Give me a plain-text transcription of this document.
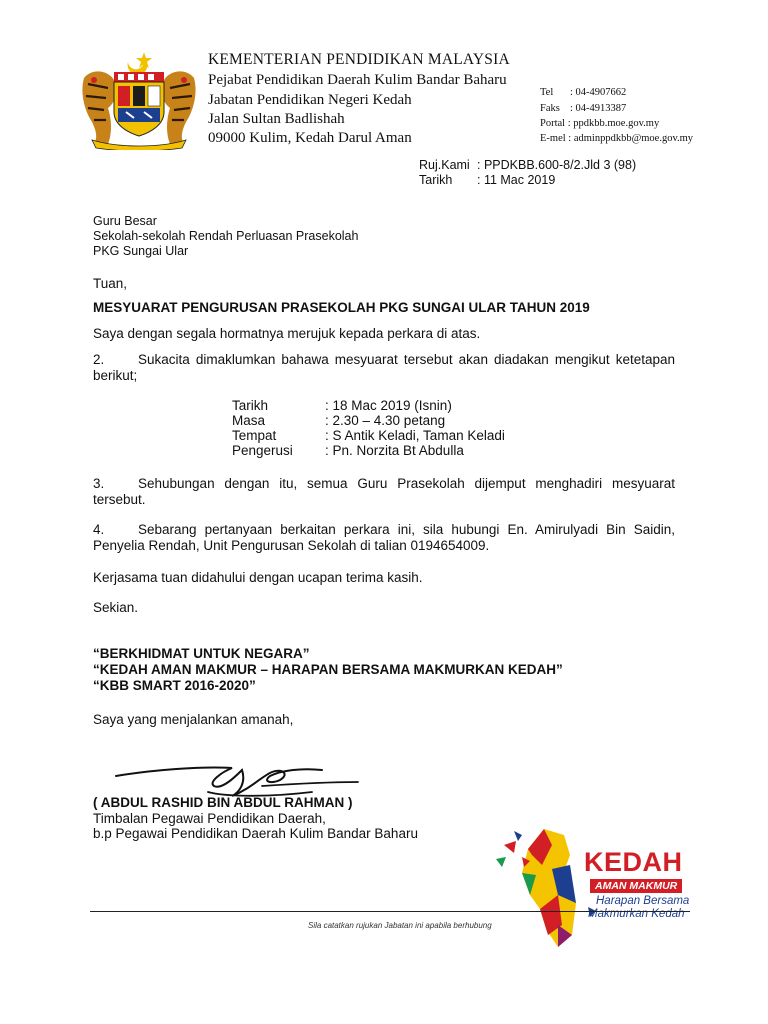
KEMENTERIAN PENDIDIKAN MALAYSIA
Pejabat Pendidikan Daerah Kulim Bandar Baharu
Jabatan Pendidikan Negeri Kedah
Jalan Sultan Badlishah
09000 Kulim, Kedah Darul Aman
Tel : 04-4907662
Faks : 04-4913387
Portal : ppdkbb.moe.gov.my
E-mel : adminppdkbb@moe.gov.my
Ruj.Kami : PPDKBB.600-8/2.Jld 3 (98)
Tarikh : 11 Mac 2019
Guru Besar
Sekolah-sekolah Rendah Perluasan Prasekolah
PKG Sungai Ular
Tuan,
MESYUARAT PENGURUSAN PRASEKOLAH PKG SUNGAI ULAR TAHUN 2019
Saya dengan segala hormatnya merujuk kepada perkara di atas.
2. Sukacita dimaklumkan bahawa mesyuarat tersebut akan diadakan mengikut ketetapan berikut;
Tarikh	: 18 Mac 2019 (Isnin)
Masa	: 2.30 – 4.30 petang
Tempat	: S Antik Keladi, Taman Keladi
Pengerusi : Pn. Norzita Bt Abdulla
3. Sehubungan dengan itu, semua Guru Prasekolah dijemput menghadiri mesyuarat tersebut.
4. Sebarang pertanyaan berkaitan perkara ini, sila hubungi En. Amirulyadi Bin Saidin, Penyelia Rendah, Unit Pengurusan Sekolah di talian 0194654009.
Kerjasama tuan didahului dengan ucapan terima kasih.
Sekian.
“BERKHIDMAT UNTUK NEGARA”
“KEDAH AMAN MAKMUR – HARAPAN BERSAMA MAKMURKAN KEDAH”
“KBB SMART 2016-2020”
Saya yang menjalankan amanah,
( ABDUL RASHID BIN ABDUL RAHMAN )
Timbalan Pegawai Pendidikan Daerah,
b.p Pegawai Pendidikan Daerah Kulim Bandar Baharu
KEDAH
AMAN MAKMUR
Harapan Bersama
Makmurkan Kedah
Sila catatkan rujukan Jabatan ini apabila berhubung
